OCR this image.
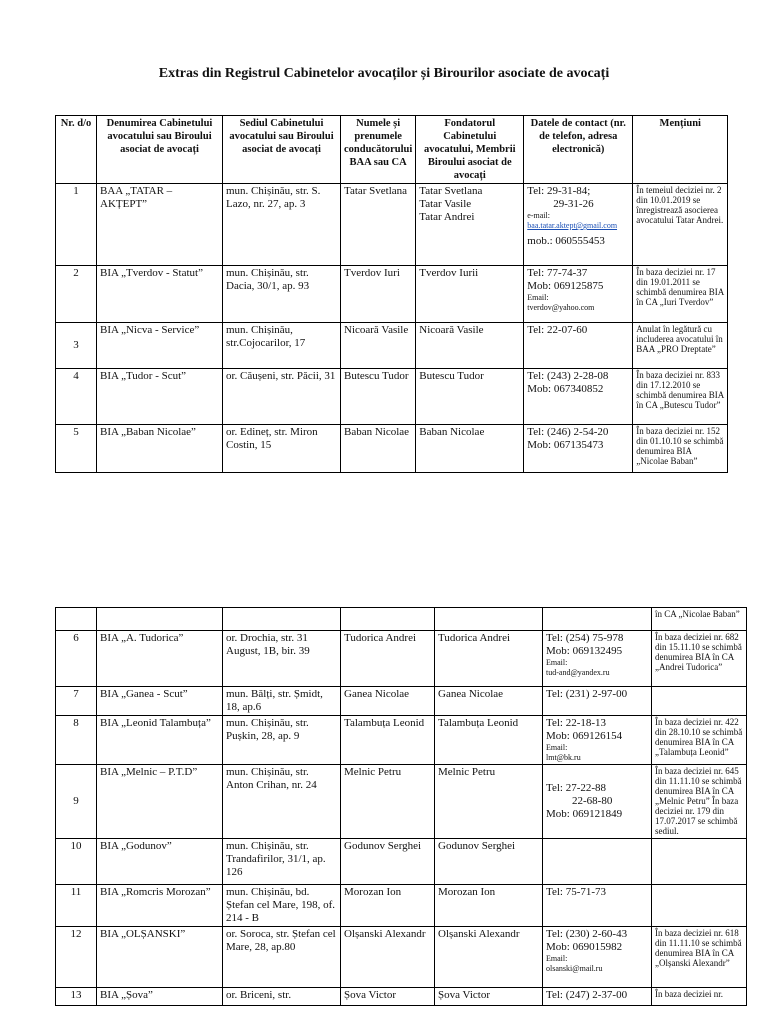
Extras din Registrul Cabinetelor avocaților și Birourilor asociate de avocați
Nr. d/o	Denumirea Cabinetului avocatului sau Biroului asociat de avocați	Sediul Cabinetului avocatului sau Biroului asociat de avocați	Numele și prenumele conducătorului BAA sau CA	Fondatorul Cabinetului avocatului, Membrii Biroului asociat de avocați	Datele de contact (nr. de telefon, adresa electronică)	Mențiuni
1	BAA „TATAR – AKȚEPT”	mun. Chișinău, str. S. Lazo, nr. 27, ap. 3	Tatar Svetlana	Tatar Svetlana
Tatar Vasile
Tatar Andrei	Tel: 29-31-84;
29-31-26
e-mail:
baa.tatar.aktept@gmail.com
mob.: 060555453	În temeiul deciziei nr. 2 din 10.01.2019 se înregistrează asocierea avocatului Tatar Andrei.
2	BIA „Tverdov - Statut”	mun. Chișinău, str. Dacia, 30/1, ap. 93	Tverdov Iuri	Tverdov Iurii	Tel: 77-74-37
Mob: 069125875
Email:
tverdov@yahoo.com	În baza deciziei nr. 17 din 19.01.2011 se schimbă denumirea BIA în CA „Iuri Tverdov”
3	BIA „Nicva - Service”	mun. Chișinău, str.Cojocarilor, 17	Nicoară Vasile	Nicoară Vasile	Tel: 22-07-60	Anulat în legătură cu includerea avocatului în BAA „PRO Dreptate”
4	BIA „Tudor - Scut”	or. Căușeni, str. Păcii, 31	Butescu Tudor	Butescu Tudor	Tel: (243) 2-28-08
Mob: 067340852	În baza deciziei nr. 833 din 17.12.2010 se schimbă denumirea BIA în CA „Butescu Tudor”
5	BIA „Baban Nicolae”	or. Edineț, str. Miron Costin, 15	Baban Nicolae	Baban Nicolae	Tel: (246) 2-54-20
Mob: 067135473	În baza deciziei nr. 152 din 01.10.10 se schimbă denumirea BIA „Nicolae Baban”
						în CA „Nicolae Baban”
6	BIA „A. Tudorica”	or. Drochia, str. 31 August, 1B, bir. 39	Tudorica Andrei	Tudorica Andrei	Tel: (254) 75-978
Mob: 069132495
Email:
tud-and@yandex.ru	În baza deciziei nr. 682 din 15.11.10 se schimbă denumirea BIA în CA „Andrei Tudorica”
7	BIA „Ganea - Scut”	mun. Bălți, str. Șmidt, 18, ap.6	Ganea Nicolae	Ganea Nicolae	Tel: (231) 2-97-00	

8	BIA „Leonid Talambuța”	mun. Chișinău, str. Pușkin, 28, ap. 9	Talambuța Leonid	Talambuța Leonid	Tel: 22-18-13
Mob: 069126154
Email:
lmt@bk.ru	În baza deciziei nr. 422 din 28.10.10 se schimbă denumirea BIA în CA „Talambuța Leonid”
9	BIA „Melnic – P.T.D”	mun. Chișinău, str. Anton Crihan, nr. 24	Melnic Petru	Melnic Petru	Tel: 27-22-88
22-68-80
Mob: 069121849	În baza deciziei nr. 645 din 11.11.10 se schimbă denumirea BIA în CA „Melnic Petru” În baza deciziei nr. 179 din 17.07.2017 se schimbă sediul.
10	BIA „Godunov”	mun. Chișinău, str. Trandafirilor, 31/1, ap. 126	Godunov Serghei	Godunov Serghei		

11	BIA „Romcris Morozan”	mun. Chișinău, bd. Ștefan cel Mare, 198, of. 214 - B	Morozan Ion	Morozan Ion	Tel: 75-71-73	

12	BIA „OLȘANSKI”	or. Soroca, str. Ștefan cel Mare, 28, ap.80	Olșanski Alexandr	Olșanski Alexandr	Tel: (230) 2-60-43
Mob: 069015982
Email:
olsanski@mail.ru	În baza deciziei nr. 618 din 11.11.10 se schimbă denumirea BIA în CA „Olșanski Alexandr”
13	BIA „Șova”	or. Briceni, str.	Șova Victor	Șova Victor	Tel: (247) 2-37-00	În baza deciziei nr.
